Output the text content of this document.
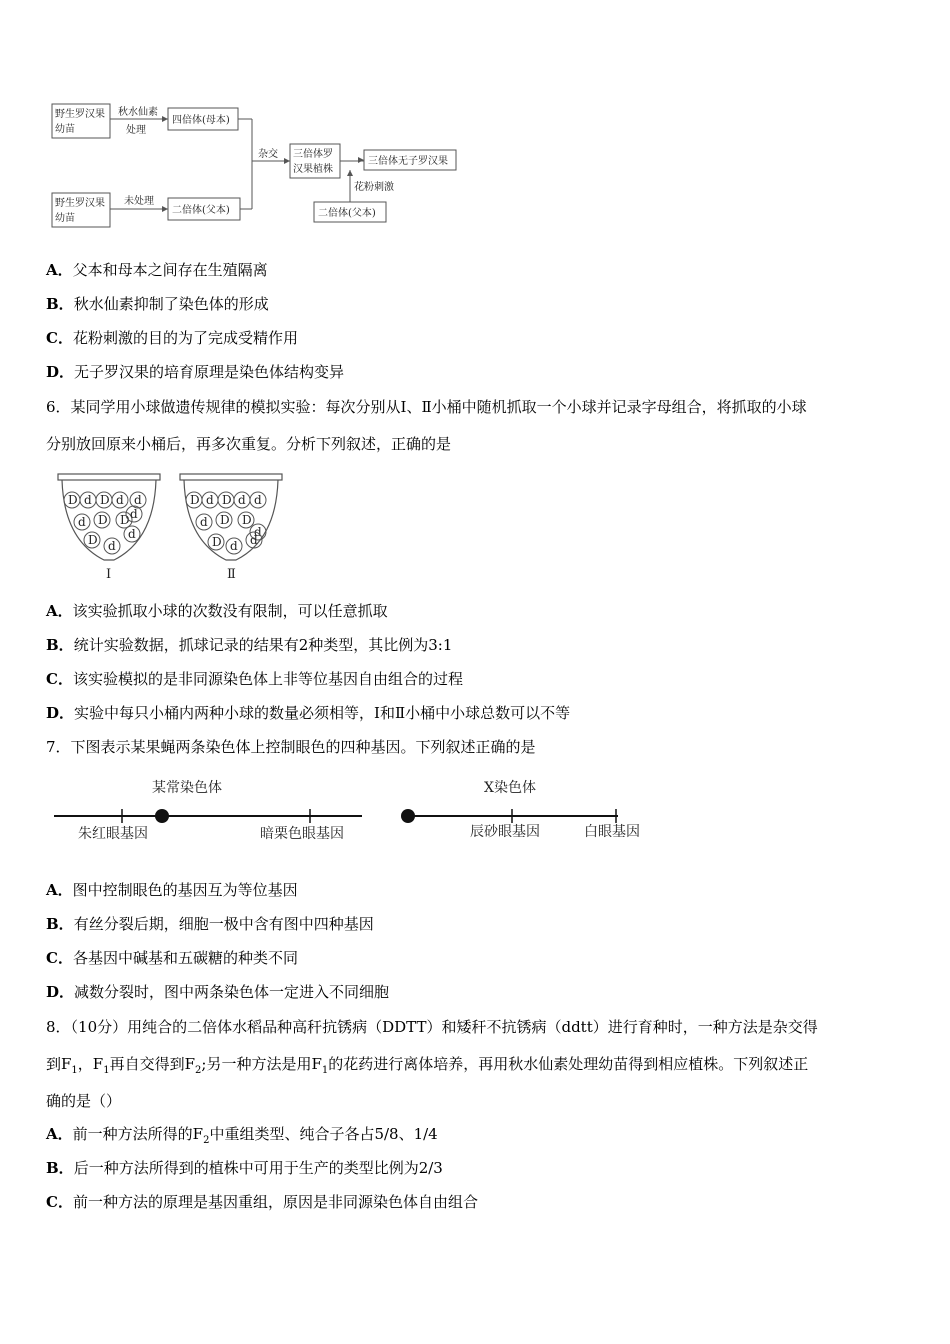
野生罗汉果
幼苗
秋水仙素
处理
四倍体(母本)
野生罗汉果
幼苗
未处理
二倍体(父本)
杂交 三倍体罗
汉果植株
三倍体无子罗汉果
花粉刺激
二倍体(父本)
A．父本和母本之间存在生殖隔离
B．秋水仙素抑制了染色体的形成
C．花粉刺激的目的为了完成受精作用
D．无子罗汉果的培育原理是染色体结构变异
6．某同学用小球做遗传规律的模拟实验：每次分别从Ⅰ、Ⅱ小桶中随机抓取一个小球并记录字母组合，将抓取的小球
分别放回原来小桶后，再多次重复。分析下列叙述，正确的是
D d D d d
d D D d
D d
d
D d D d d
d D D
d
D d d
Ⅰ	Ⅱ
A．该实验抓取小球的次数没有限制，可以任意抓取
B．统计实验数据，抓球记录的结果有2种类型，其比例为3:1
C．该实验模拟的是非同源染色体上非等位基因自由组合的过程
D．实验中每只小桶内两种小球的数量必须相等，Ⅰ和Ⅱ小桶中小球总数可以不等
7．下图表示某果蝇两条染色体上控制眼色的四种基因。下列叙述正确的是
某常染色体	X染色体
朱红眼基因	暗栗色眼基因	辰砂眼基因	白眼基因
A．图中控制眼色的基因互为等位基因
B．有丝分裂后期，细胞一极中含有图中四种基因
C．各基因中碱基和五碳糖的种类不同
D．减数分裂时，图中两条染色体一定进入不同细胞
8．（10分）用纯合的二倍体水稻品种高秆抗锈病（DDTT）和矮秆不抗锈病（ddtt）进行育种时，一种方法是杂交得
到$F_1$，$F_1$再自交得到$F_2$;另一种方法是用$F_1$的花药进行离体培养，再用秋水仙素处理幼苗得到相应植株。下列叙述正
确的是（）
A．前一种方法所得的$F_2$中重组类型、纯合子各占5/8、1/4
B．后一种方法所得到的植株中可用于生产的类型比例为2/3
C．前一种方法的原理是基因重组，原因是非同源染色体自由组合
